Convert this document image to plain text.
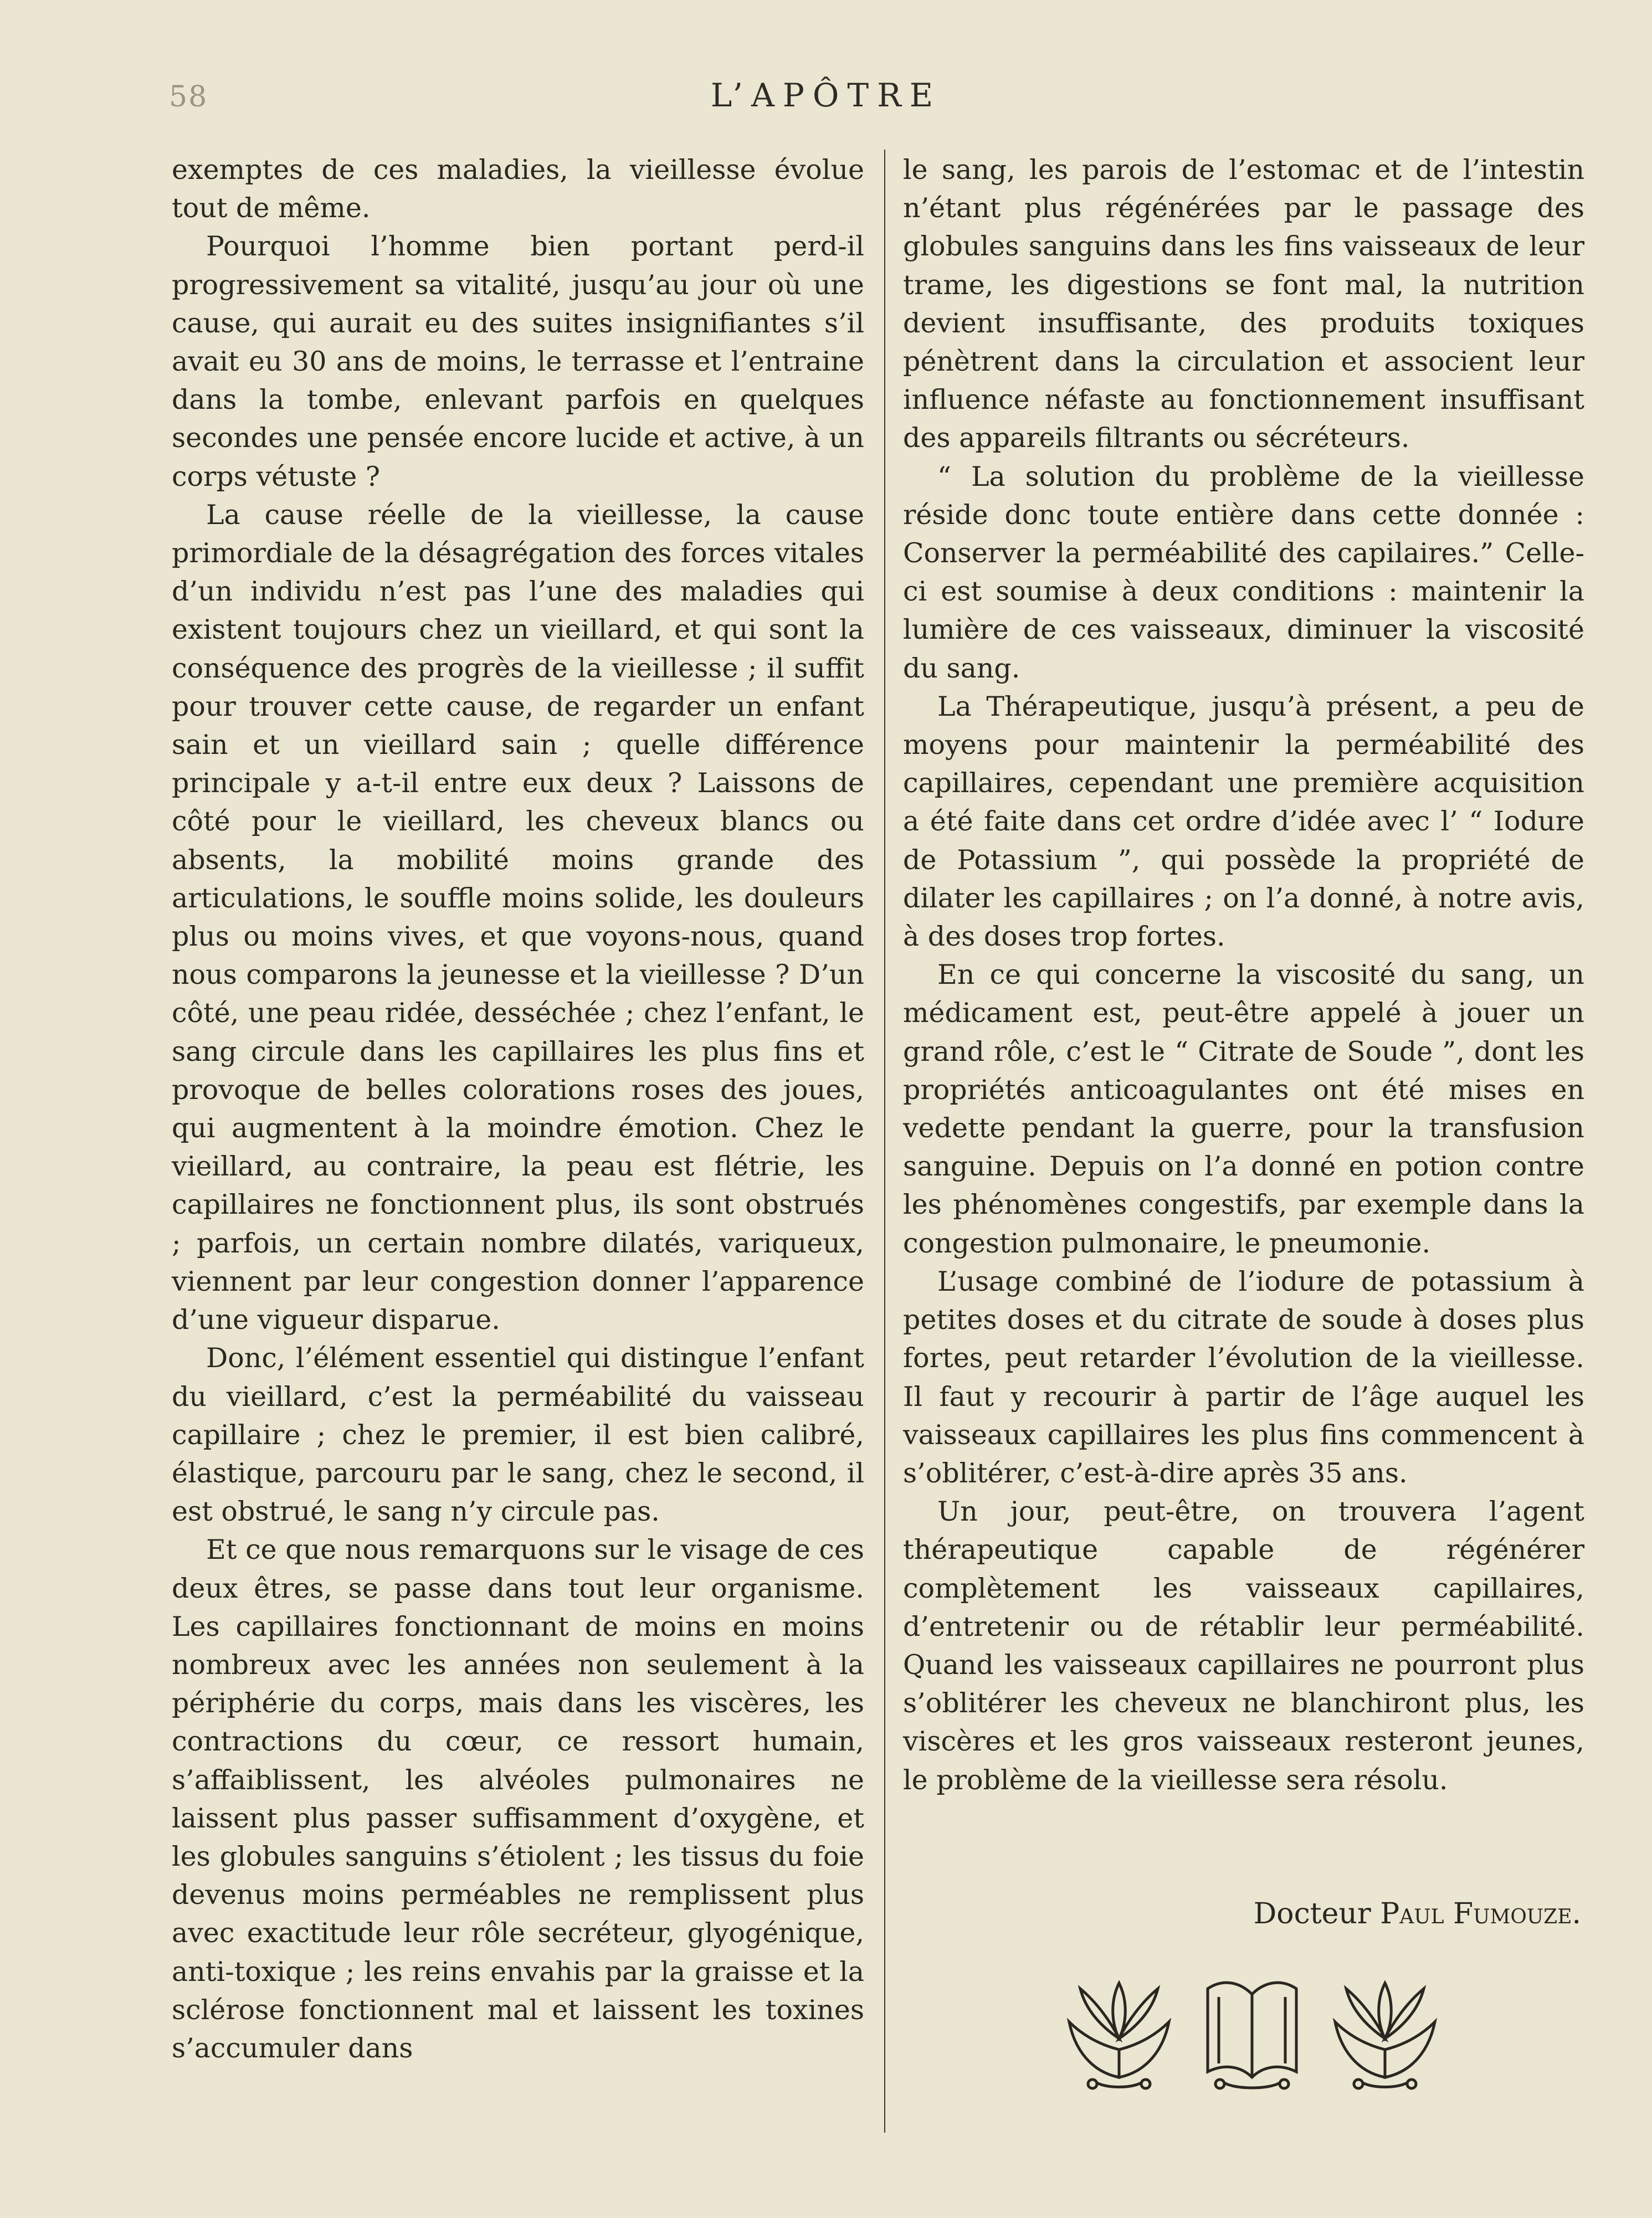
58	L’APÔTRE

exemptes de ces maladies, la vieillesse évolue tout de même.

Pourquoi l’homme bien portant perd-il progressivement sa vitalité, jusqu’au jour où une cause, qui aurait eu des suites insignifiantes s’il avait eu 30 ans de moins, le terrasse et l’entraine dans la tombe, enlevant parfois en quelques secondes une pensée encore lucide et active, à un corps vétuste ?

La cause réelle de la vieillesse, la cause primordiale de la désagrégation des forces vitales d’un individu n’est pas l’une des maladies qui existent toujours chez un vieillard, et qui sont la conséquence des progrès de la vieillesse ; il suffit pour trouver cette cause, de regarder un enfant sain et un vieillard sain ; quelle différence principale y a-t-il entre eux deux ? Laissons de côté pour le vieillard, les cheveux blancs ou absents, la mobilité moins grande des articulations, le souffle moins solide, les douleurs plus ou moins vives, et que voyons-nous, quand nous comparons la jeunesse et la vieillesse ? D’un côté, une peau ridée, desséchée ; chez l’enfant, le sang circule dans les capillaires les plus fins et provoque de belles colorations roses des joues, qui augmentent à la moindre émotion. Chez le vieillard, au contraire, la peau est flétrie, les capillaires ne fonctionnent plus, ils sont obstrués ; parfois, un certain nombre dilatés, variqueux, viennent par leur congestion donner l’apparence d’une vigueur disparue.

Donc, l’élément essentiel qui distingue l’enfant du vieillard, c’est la perméabilité du vaisseau capillaire ; chez le premier, il est bien calibré, élastique, parcouru par le sang, chez le second, il est obstrué, le sang n’y circule pas.

Et ce que nous remarquons sur le visage de ces deux êtres, se passe dans tout leur organisme. Les capillaires fonctionnant de moins en moins nombreux avec les années non seulement à la périphérie du corps, mais dans les viscères, les contractions du cœur, ce ressort humain, s’affaiblissent, les alvéoles pulmonaires ne laissent plus passer suffisamment d’oxygène, et les globules sanguins s’étiolent ; les tissus du foie devenus moins perméables ne remplissent plus avec exactitude leur rôle secréteur, glyogénique, anti-toxique ; les reins envahis par la graisse et la sclérose fonctionnent mal et laissent les toxines s’accumuler dans

le sang, les parois de l’estomac et de l’intestin n’étant plus régénérées par le passage des globules sanguins dans les fins vaisseaux de leur trame, les digestions se font mal, la nutrition devient insuffisante, des produits toxiques pénètrent dans la circulation et associent leur influence néfaste au fonctionnement insuffisant des appareils filtrants ou sécréteurs.

“ La solution du problème de la vieillesse réside donc toute entière dans cette donnée : Conserver la perméabilité des capilaires.” Celle-ci est soumise à deux conditions : maintenir la lumière de ces vaisseaux, diminuer la viscosité du sang.

La Thérapeutique, jusqu’à présent, a peu de moyens pour maintenir la perméabilité des capillaires, cependant une première acquisition a été faite dans cet ordre d’idée avec l’ “ Iodure de Potassium ”, qui possède la propriété de dilater les capillaires ; on l’a donné, à notre avis, à des doses trop fortes.

En ce qui concerne la viscosité du sang, un médicament est, peut-être appelé à jouer un grand rôle, c’est le “ Citrate de Soude ”, dont les propriétés anticoagulantes ont été mises en vedette pendant la guerre, pour la transfusion sanguine. Depuis on l’a donné en potion contre les phénomènes congestifs, par exemple dans la congestion pulmonaire, le pneumonie.

L’usage combiné de l’iodure de potassium à petites doses et du citrate de soude à doses plus fortes, peut retarder l’évolution de la vieillesse. Il faut y recourir à partir de l’âge auquel les vaisseaux capillaires les plus fins commencent à s’oblitérer, c’est-à-dire après 35 ans.

Un jour, peut-être, on trouvera l’agent thérapeutique capable de régénérer complètement les vaisseaux capillaires, d’entretenir ou de rétablir leur perméabilité. Quand les vaisseaux capillaires ne pourront plus s’oblitérer les cheveux ne blanchiront plus, les viscères et les gros vaisseaux resteront jeunes, le problème de la vieillesse sera résolu.

Docteur Paul Fumouze.
